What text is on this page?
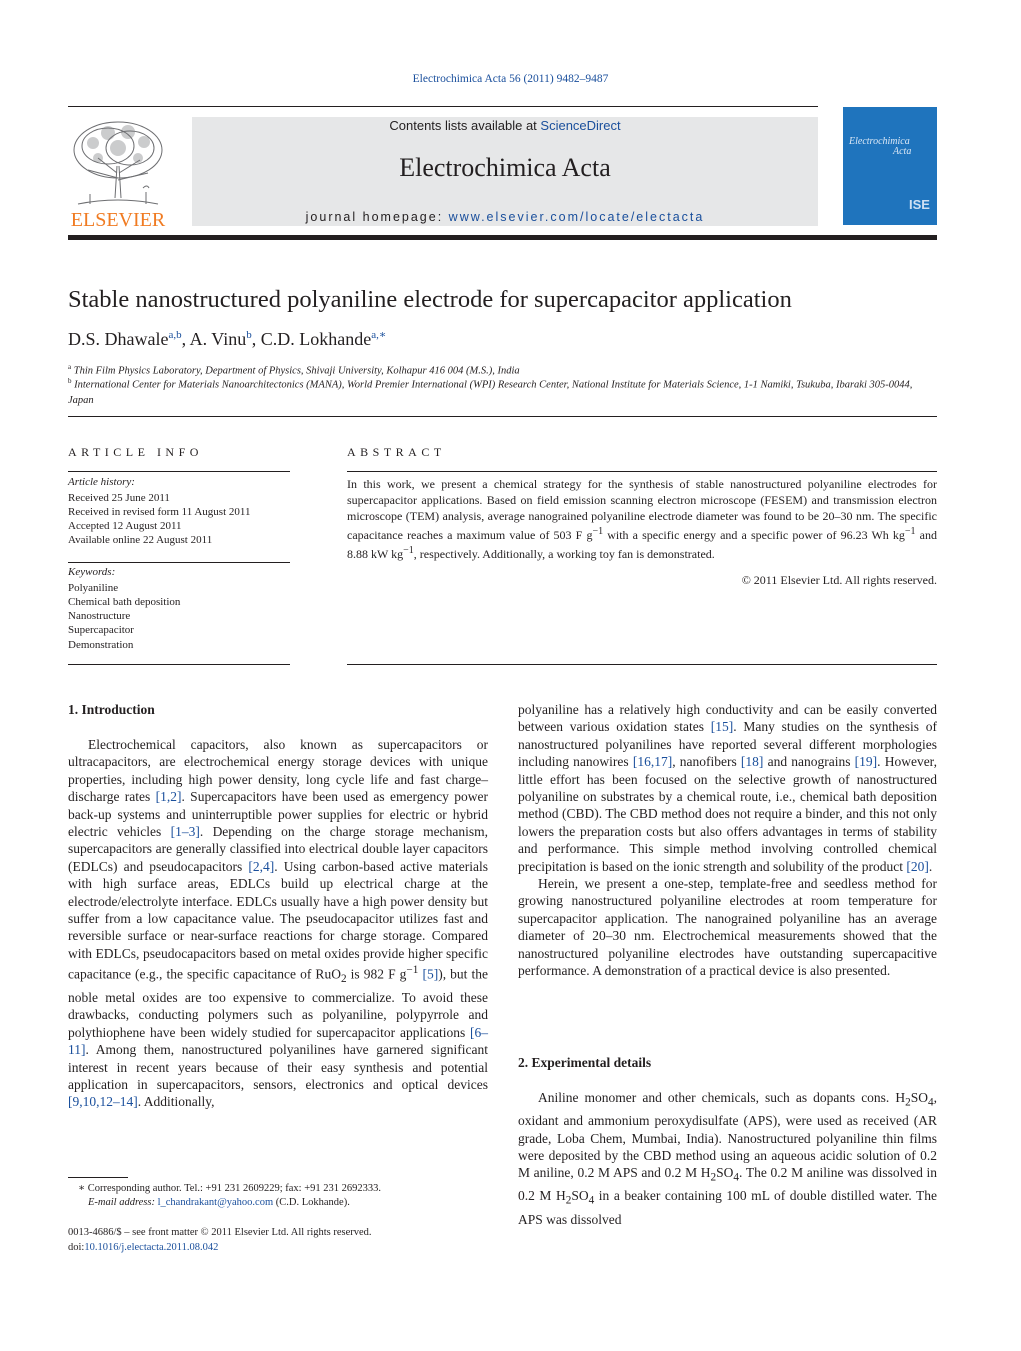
Electrochimica Acta 56 (2011) 9482–9487
ELSEVIER
Contents lists available at ScienceDirect
Electrochimica Acta
journal homepage: www.elsevier.com/locate/electacta
Electrochimica
Acta
ISE
Stable nanostructured polyaniline electrode for supercapacitor application
D.S. Dhawale$^{a,b}$, A. Vinu$^b$, C.D. Lokhande$^{a,∗}$
$^a$ Thin Film Physics Laboratory, Department of Physics, Shivaji University, Kolhapur 416 004 (M.S.), India
$^b$ International Center for Materials Nanoarchitectonics (MANA), World Premier International (WPI) Research Center, National Institute for Materials Science, 1-1 Namiki, Tsukuba, Ibaraki 305-0044, Japan
ARTICLE INFO
Article history:
Received 25 June 2011
Received in revised form 11 August 2011
Accepted 12 August 2011
Available online 22 August 2011
Keywords:
Polyaniline
Chemical bath deposition
Nanostructure
Supercapacitor
Demonstration
ABSTRACT
In this work, we present a chemical strategy for the synthesis of stable nanostructured polyaniline electrodes for supercapacitor applications. Based on field emission scanning electron microscope (FESEM) and transmission electron microscope (TEM) analysis, average nanograined polyaniline electrode diameter was found to be 20–30 nm. The specific capacitance reaches a maximum value of 503 F $g^{-1}$ with a specific energy and a specific power of 96.23 Wh $kg^{-1}$ and 8.88 kW $kg^{-1}$, respectively. Additionally, a working toy fan is demonstrated.
© 2011 Elsevier Ltd. All rights reserved.
1. Introduction

Electrochemical capacitors, also known as supercapacitors or ultracapacitors, are electrochemical energy storage devices with unique properties, including high power density, long cycle life and fast charge–discharge rates [1,2]. Supercapacitors have been used as emergency power back-up systems and uninterruptible power supplies for electric or hybrid electric vehicles [1–3]. Depending on the charge storage mechanism, supercapacitors are generally classified into electrical double layer capacitors (EDLCs) and pseudocapacitors [2,4]. Using carbon-based active materials with high surface areas, EDLCs build up electrical charge at the electrode/electrolyte interface. EDLCs usually have a high power density but suffer from a low capacitance value. The pseudocapacitor utilizes fast and reversible surface or near-surface reactions for charge storage. Compared with EDLCs, pseudocapacitors based on metal oxides provide higher specific capacitance (e.g., the specific capacitance of RuO$_2$ is 982 F $g^{-1}$ [5]), but the noble metal oxides are too expensive to commercialize. To avoid these drawbacks, conducting polymers such as polyaniline, polypyrrole and polythiophene have been widely studied for supercapacitor applications [6–11]. Among them, nanostructured polyanilines have garnered significant interest in recent years because of their easy synthesis and potential application in supercapacitors, sensors, electronics and optical devices [9,10,12–14]. Additionally,

polyaniline has a relatively high conductivity and can be easily converted between various oxidation states [15]. Many studies on the synthesis of nanostructured polyanilines have reported several different morphologies including nanowires [16,17], nanofibers [18] and nanograins [19]. However, little effort has been focused on the selective growth of nanostructured polyaniline on substrates by a chemical route, i.e., chemical bath deposition method (CBD). The CBD method does not require a binder, and this not only lowers the preparation costs but also offers advantages in terms of stability and performance. This simple method involving controlled chemical precipitation is based on the ionic strength and solubility of the product [20].

Herein, we present a one-step, template-free and seedless method for growing nanostructured polyaniline electrodes at room temperature for supercapacitor application. The nanograined polyaniline has an average diameter of 20–30 nm. Electrochemical measurements showed that the nanostructured polyaniline electrodes have outstanding supercapacitive performance. A demonstration of a practical device is also presented.

2. Experimental details

Aniline monomer and other chemicals, such as dopants cons. $H_2SO_4$, oxidant and ammonium peroxydisulfate (APS), were used as received (AR grade, Loba Chem, Mumbai, India). Nanostructured polyaniline thin films were deposited by the CBD method using an aqueous acidic solution of 0.2 M aniline, 0.2 M APS and 0.2 M $H_2SO_4$. The 0.2 M aniline was dissolved in 0.2 M $H_2SO_4$ in a beaker containing 100 mL of double distilled water. The APS was dissolved

∗ Corresponding author. Tel.: +91 231 2609229; fax: +91 231 2692333.
E-mail address: l_chandrakant@yahoo.com (C.D. Lokhande).
0013-4686/$ – see front matter © 2011 Elsevier Ltd. All rights reserved.
doi:10.1016/j.electacta.2011.08.042
